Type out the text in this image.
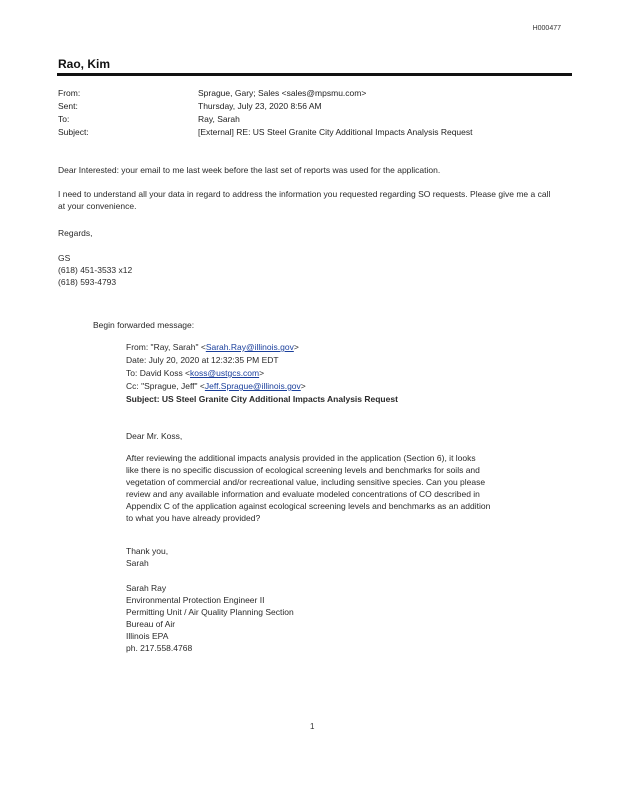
H000477
Rao, Kim
From:	Sprague, Gary; Sales <sales@mpsmu.com>
Sent:	Thursday, July 23, 2020 8:56 AM
To:	Ray, Sarah
Subject:	[External] RE: US Steel Granite City Additional Impacts Analysis Request
Dear Interested: your email to me last week before the last set of reports was used for the application.
I need to understand all your data in regard to address the information you requested regarding SO requests. Please give me a call at your convenience.
Regards,
GS
(618) 451-3533 x12
(618) 593-4793
Begin forwarded message:
From: "Ray, Sarah" <Sarah.Ray@illinois.gov>
Date: July 20, 2020 at 12:32:35 PM EDT
To: David Koss <koss@ustgcs.com>
Cc: "Sprague, Jeff" <Jeff.Sprague@illinois.gov>
Subject: US Steel Granite City Additional Impacts Analysis Request
Dear Mr. Koss,
After reviewing the additional impacts analysis provided in the application (Section 6), it looks
like there is no specific discussion of ecological screening levels and benchmarks for soils and
vegetation of commercial and/or recreational value, including sensitive species. Can you please
review and any available information and evaluate modeled concentrations of CO described in
Appendix C of the application against ecological screening levels and benchmarks as an addition
to what you have already provided?
Thank you,
Sarah
Sarah Ray
Environmental Protection Engineer II
Permitting Unit / Air Quality Planning Section
Bureau of Air
Illinois EPA
ph. 217.558.4768
1
